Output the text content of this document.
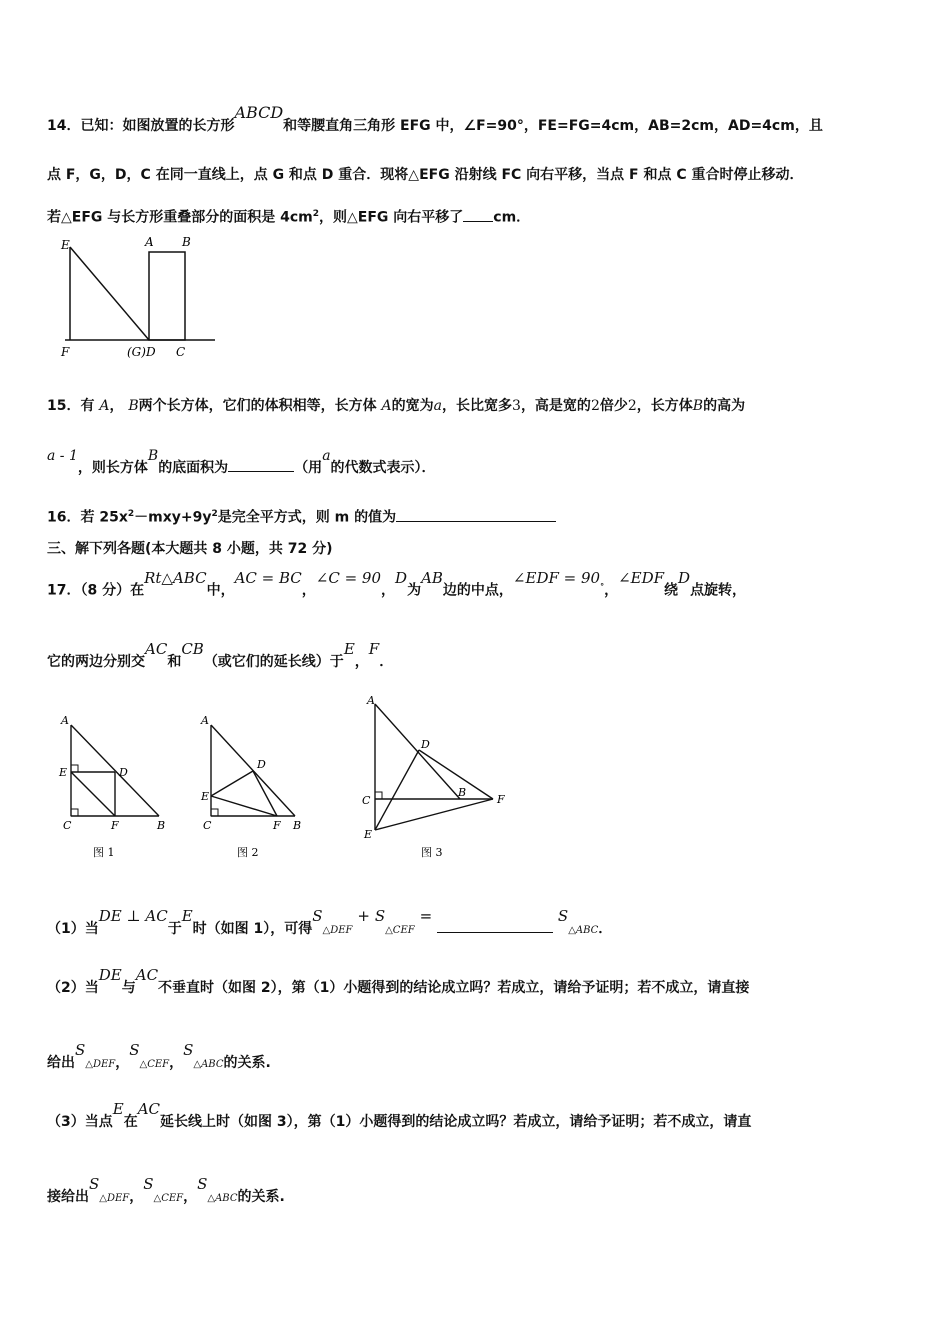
14．已知：如图放置的长方形ABCD和等腰直角三角形 EFG 中，∠F=90°，FE=FG=4cm，AB=2cm，AD=4cm，且
点 F，G，D，C 在同一直线上，点 G 和点 D 重合．现将△EFG 沿射线 FC 向右平移，当点 F 和点 C 重合时停止移动．
若△EFG 与长方形重叠部分的面积是 $4cm^2$，则△EFG 向右平移了 cm．
E	A B
F	(G)D C
15．有 A， B两个长方体，它们的体积相等，长方体 A的宽为a，长比宽多3，高是宽的2倍少2，长方体B的高为
a - 1，则长方体B的底面积为	（用a的代数式表示）．
16．若 $25x^2-mxy+9y^2$是完全平方式，则 m 的值为
三、解下列各题(本大题共 8 小题，共 72 分)
17．（8 分）在Rt△ABC中，AC = BC，∠C = 90，D为AB边的中点，∠EDF = 90°，∠EDF绕D点旋转，
它的两边分别交AC和CB（或它们的延长线）于E，F．
A
E	D
C	F	B
图 1
A
E
D
C	F B
图 2
A
D
C
B
F
E
图 3
（1）当DE ⊥ AC于E时（如图 1），可得S△DEF + S△CEF =	S△ABC．
（2）当DE与AC不垂直时（如图 2），第（1）小题得到的结论成立吗？若成立，请给予证明；若不成立，请直接
给出S△DEF，S△CEF，S△ABC的关系.
（3）当点E在AC延长线上时（如图 3），第（1）小题得到的结论成立吗？若成立，请给予证明；若不成立，请直
接给出S△DEF，S△CEF，S△ABC的关系.
